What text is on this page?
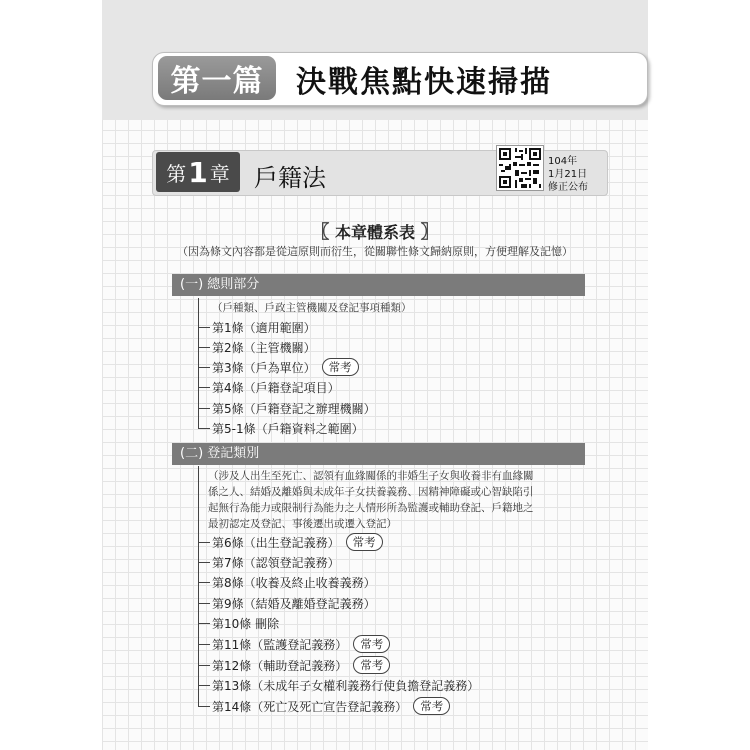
第一篇	決戰焦點快速掃描
第 1 章 戶籍法
104年
1月21日
修正公布
〖 本章體系表 〗
（因為條文內容都是從這原則而衍生，從關聯性條文歸納原則，方便理解及記憶）
(一) 總則部分
（戶種類、戶政主管機關及登記事項種類）
第1條（適用範圍）
第2條（主管機關）
第3條（戶為單位）	常考
第4條（戶籍登記項目）
第5條（戶籍登記之辦理機關）
第5-1條（戶籍資料之範圍）
(二) 登記類別
（涉及人出生至死亡、認領有血緣關係的非婚生子女與收養非有血緣關
係之人、結婚及離婚與未成年子女扶養義務、因精神障礙或心智缺陷引
起無行為能力或限制行為能力之人情形所為監護或輔助登記、戶籍地之
最初認定及登記、事後遷出或遷入登記）
第6條（出生登記義務）	常考
第7條（認領登記義務）
第8條（收養及終止收養義務）
第9條（結婚及離婚登記義務）
第10條 刪除
第11條（監護登記義務）	常考
第12條（輔助登記義務）	常考
第13條（未成年子女權利義務行使負擔登記義務）
第14條（死亡及死亡宣告登記義務）	常考
